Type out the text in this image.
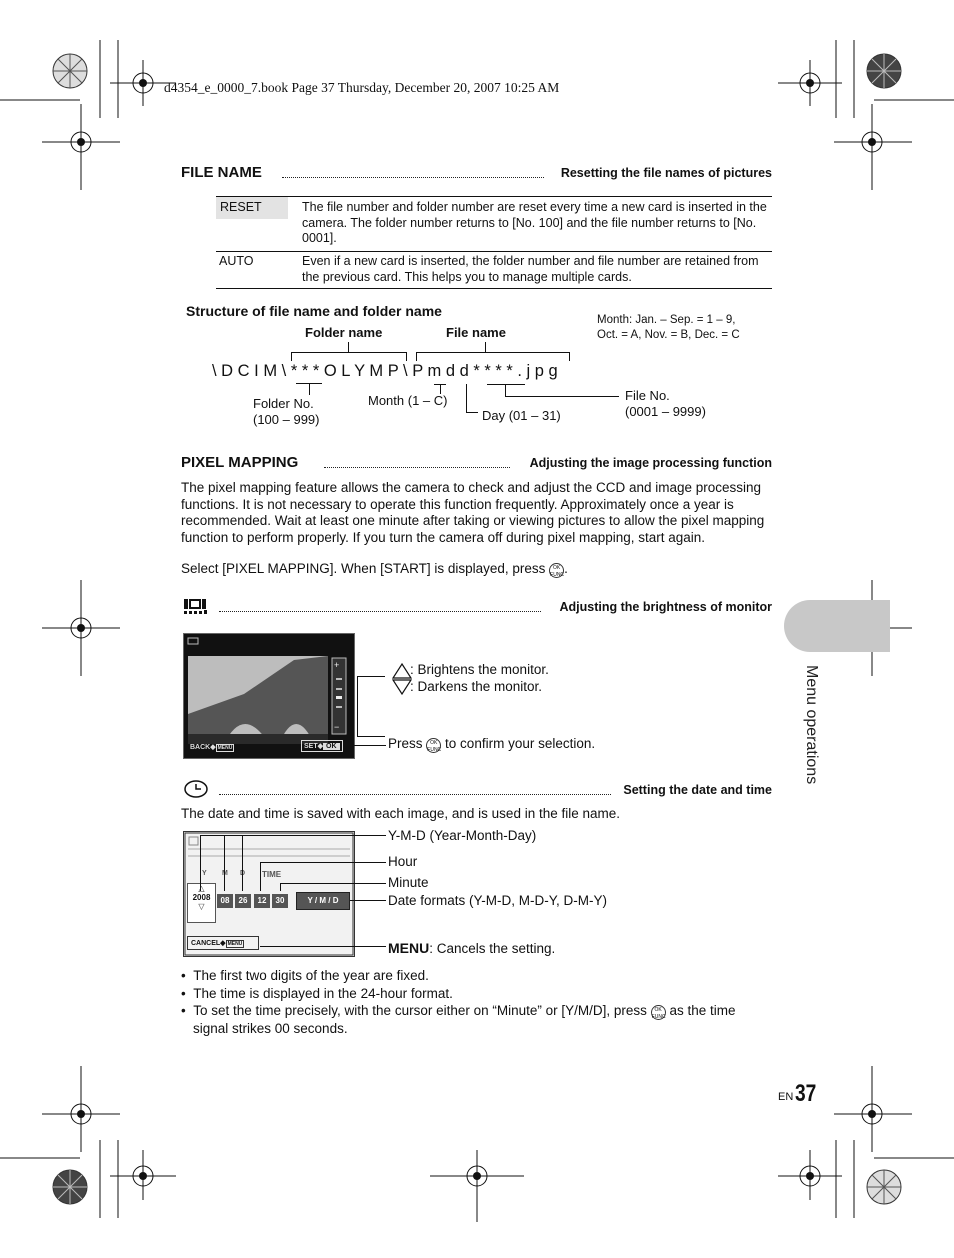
d4354_e_0000_7.book Page 37 Thursday, December 20, 2007 10:25 AM
FILE NAME	Resetting the file names of pictures
RESET	The file number and folder number are reset every time a new card is inserted in the camera. The folder number returns to [No. 100] and the file number returns to [No. 0001].
AUTO	Even if a new card is inserted, the folder number and file number are retained from the previous card. This helps you to manage multiple cards.
Structure of file name and folder name
Folder name	File name
Month: Jan. – Sep. = 1 – 9,
Oct. = A, Nov. = B, Dec. = C
\ D C I M \ * * * O L Y M P \ P m d d * * * * . j p g
Folder No.
(100 – 999)
Month (1 – C)
Day (01 – 31)
File No.
(0001 – 9999)
PIXEL MAPPING	Adjusting the image processing function
The pixel mapping feature allows the camera to check and adjust the CCD and image processing functions. It is not necessary to operate this function frequently. Approximately once a year is recommended. Wait at least one minute after taking or viewing pictures to allow the pixel mapping function to perform properly. If you turn the camera off during pixel mapping, start again.
Select [PIXEL MAPPING]. When [START] is displayed, press OK
FUNC.
Adjusting the brightness of monitor
+
−
BACK◆ MENU	SET◆ OK
: Brightens the monitor.
: Darkens the monitor.
Press OK
FUNC to confirm your selection.
Setting the date and time
The date and time is saved with each image, and is used in the file name.
Y M D TIME
△
2008
▽
08	26	12	30	Y / M / D
CANCEL◆ MENU
Y-M-D (Year-Month-Day)
Hour
Minute
Date formats (Y-M-D, M-D-Y, D-M-Y)
MENU: Cancels the setting.
•  The first two digits of the year are fixed.
•  The time is displayed in the 24-hour format.
•  To set the time precisely, with the cursor either on “Minute” or [Y/M/D], press OK
FUNC as the time
signal strikes 00 seconds.
Menu operations
EN 37
